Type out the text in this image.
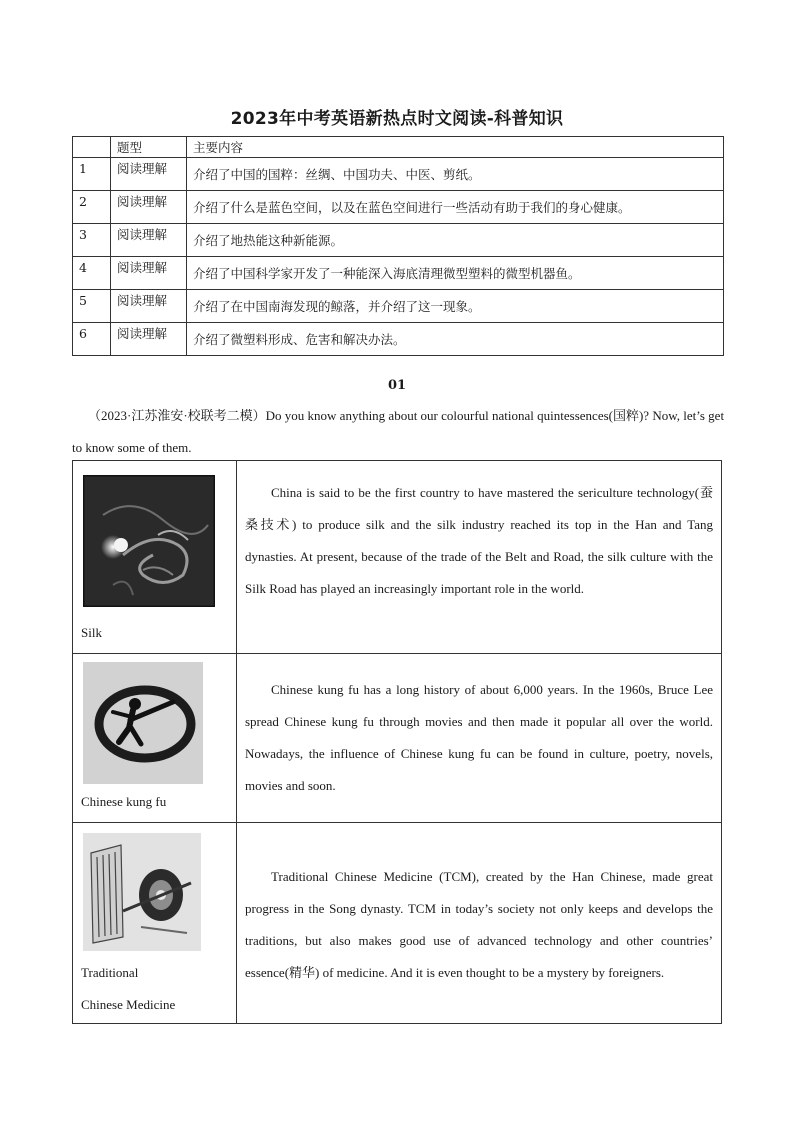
2023年中考英语新热点时文阅读-科普知识
	题型	主要内容
1	阅读理解	介绍了中国的国粹：丝绸、中国功夫、中医、剪纸。

2	阅读理解	介绍了什么是蓝色空间，以及在蓝色空间进行一些活动有助于我们的身心健康。

3	阅读理解	介绍了地热能这种新能源。

4	阅读理解	介绍了中国科学家开发了一种能深入海底清理微型塑料的微型机器鱼。

5	阅读理解	介绍了在中国南海发现的鲸落，并介绍了这一现象。

6	阅读理解	介绍了微塑料形成、危害和解决办法。
01
（2023·江苏淮安·校联考二模）Do you know anything about our colourful national quintessences(国粹)? Now, let’s get to know some of them.
Silk	China is said to be the first country to have mastered the sericulture technology(蚕桑技术) to produce silk and the silk industry reached its top in the Han and Tang dynasties. At present, because of the trade of the Belt and Road, the silk culture with the Silk Road has played an increasingly important role in the world.

Chinese kung fu	Chinese kung fu has a long history of about 6,000 years. In the 1960s, Bruce Lee spread Chinese kung fu through movies and then made it popular all over the world. Nowadays, the influence of Chinese kung fu can be found in culture, poetry, novels, movies and soon.

Traditional
Chinese Medicine	Traditional Chinese Medicine (TCM), created by the Han Chinese, made great progress in the Song dynasty. TCM in today’s society not only keeps and develops the traditions, but also makes good use of advanced technology and other countries’ essence(精华) of medicine. And it is even thought to be a mystery by foreigners.
